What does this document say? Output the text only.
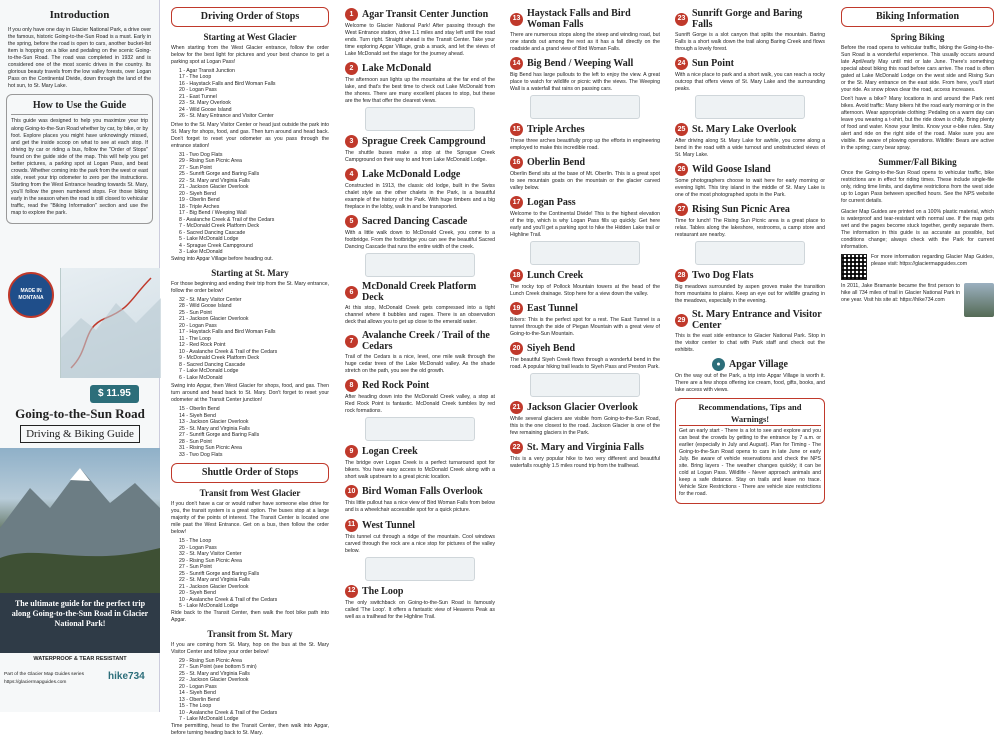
Introduction

If you only have one day in Glacier National Park, a drive over the famous, historic Going-to-the-Sun Road is a must. Early in the spring, before the road is open to cars, another bucket-list item is hopping on a bike and pedaling on the scenic Going-to-the-Sun Road. The road was completed in 1932 and is considered one of the most scenic drives in the country. Its glorious beauty travels from the low valley forests, over Logan Pass on the Continental Divide, down through the land of the hot sun, to St. Mary Lake.

How to Use the Guide

This guide was designed to help you maximize your trip along Going-to-the-Sun Road whether by car, by bike, or by foot. Explore places you might have unknowingly missed, and get the inside scoop on what to see at each stop. If driving by car or riding a bus, follow the "Order of Stops" found on the guide side of the map. This will help you get better pictures, a parking spot at Logan Pass, and beat crowds. Whether coming into the park from the west or east side, reset your trip odometer to zero per the instructions. Starting from the West Entrance heading towards St. Mary, you'll follow the green numbered stops. For those biking early in the season when the road is still closed to vehicular traffic, read the "Biking Information" section and use the map to explore the park.

MADE IN MONTANA
$ 11.95
Going-to-the-Sun Road
Driving & Biking Guide
The ultimate guide for the perfect trip along Going-to-the-Sun Road in Glacier National Park!
WATERPROOF & TEAR RESISTANT
Part of the Glacier Map Guides series
https://glaciermapguides.com
hike734
Driving Order of Stops
Starting at West Glacier

When starting from the West Glacier entrance, follow the order below for the best light for pictures and your best chance to get a parking spot at Logan Pass!

1 - Agar Transit Junction
17 - The Loop
16 - Haystack Falls and Bird Woman Falls
20 - Logan Pass
21 - East Tunnel
23 - St. Mary Overlook
24 - Wild Goose Island
26 - St. Mary Entrance and Visitor Center

Drive to the St. Mary Visitor Center or head just outside the park into St. Mary for shops, food, and gas. Then turn around and head back. Don't forget to reset your odometer as you pass through the entrance station!

31 - Two Dog Flats
29 - Rising Sun Picnic Area
27 - Sun Point
25 - Sunrift Gorge and Baring Falls
22 - St. Mary and Virginia Falls
21 - Jackson Glacier Overlook
20 - Siyeh Bend
19 - Oberlin Bend
18 - Triple Arches
17 - Big Bend / Weeping Wall
8 - Avalanche Creek & Trail of the Cedars
7 - McDonald Creek Platform Deck
6 - Sacred Dancing Cascade
5 - Lake McDonald Lodge
4 - Sprague Creek Campground
3 - Lake McDonald

Swing into Apgar Village before heading out.

Starting at St. Mary

For those beginning and ending their trip from the St. Mary entrance, follow the order below!

32 - St. Mary Visitor Center
28 - Wild Goose Island
25 - Sun Point
21 - Jackson Glacier Overlook
20 - Logan Pass
17 - Haystack Falls and Bird Woman Falls
11 - The Loop
12 - Red Rock Point
10 - Avalanche Creek & Trail of the Cedars
9 - McDonald Creek Platform Deck
8 - Sacred Dancing Cascade
7 - Lake McDonald Lodge
6 - Lake McDonald

Swing into Apgar, then West Glacier for shops, food, and gas. Then turn around and head back to St. Mary. Don't forget to reset your odometer at the Transit Center junction!

15 - Oberlin Bend
14 - Siyeh Bend
13 - Jackson Glacier Overlook
25 - St. Mary and Virginia Falls
27 - Sunrift Gorge and Baring Falls
28 - Sun Point
31 - Rising Sun Picnic Area
33 - Two Dog Flats
Shuttle Order of Stops
Transit from West Glacier

If you don't have a car or would rather have someone else drive for you, the transit system is a great option. The buses stop at a large majority of the points of interest. The Transit Center is located one mile past the West Entrance. Get on a bus, then follow the order below!

15 - The Loop
20 - Logan Pass
32 - St. Mary Visitor Center
29 - Rising Sun Picnic Area
27 - Sun Point
25 - Sunrift Gorge and Baring Falls
22 - St. Mary and Virginia Falls
21 - Jackson Glacier Overlook
20 - Siyeh Bend
10 - Avalanche Creek & Trail of the Cedars
5 - Lake McDonald Lodge

Ride back to the Transit Center, then walk the foot bike path into Apgar.

Transit from St. Mary

If you are coming from St. Mary, hop on the bus at the St. Mary Visitor Center and follow your order below!

29 - Rising Sun Picnic Area
27 - Sun Point (see bottom 5 min)
25 - St. Mary and Virginia Falls
22 - Jackson Glacier Overlook
20 - Logan Pass
14 - Siyeh Bend
13 - Oberlin Bend
15 - The Loop
10 - Avalanche Creek & Trail of the Cedars
7 - Lake McDonald Lodge

Time permitting, head to the Transit Center, then walk into Apgar, before turning heading back to St. Mary.

1 Agar Transit Center Junction

Welcome to Glacier National Park! After passing through the West Entrance station, drive 1.1 miles and stay left until the road ends. Turn right. Straight ahead is the Transit Center. Take your time exploring Apgar Village, grab a snack, and let the views of Lake McDonald set the stage for the journey ahead.

2 Lake McDonald

The afternoon sun lights up the mountains at the far end of the lake, and that's the best time to check out Lake McDonald from the shores. There are many excellent places to stop, but these are the few that offer the clearest views.

3 Sprague Creek Campground

The shuttle buses make a stop at the Sprague Creek Campground on their way to and from Lake McDonald Lodge.

4 Lake McDonald Lodge

Constructed in 1913, the classic old lodge, built in the Swiss chalet style as the other chalets in the Park, is a beautiful example of the history of the Park. With huge timbers and a big fireplace in the lobby, walk in and be transported.

5 Sacred Dancing Cascade

With a little walk down to McDonald Creek, you come to a footbridge. From the footbridge you can see the beautiful Sacred Dancing Cascade that runs the entire width of the creek.

6 McDonald Creek Platform Deck

At this stop, McDonald Creek gets compressed into a tight channel where it bubbles and rages. There is an observation deck that allows you to get up close to the emerald water.

7 Avalanche Creek / Trail of the Cedars

Trail of the Cedars is a nice, level, one mile walk through the huge cedar trees of the Lake McDonald valley. As the shade stretch on the path, you see the old growth.

8 Red Rock Point

After heading down into the McDonald Creek valley, a stop at Red Rock Point is fantastic. McDonald Creek tumbles by red rock formations.

9 Logan Creek

The bridge over Logan Creek is a perfect turnaround spot for bikers. You have easy access to McDonald Creek along with a short walk upstream to a great picnic location.

10 Bird Woman Falls Overlook

This little pullout has a nice view of Bird Woman Falls from below and is a wheelchair accessible spot for a quick picture.

11 West Tunnel

This tunnel cut through a ridge of the mountain. Cool windows carved through the rock are a nice stop for pictures of the valley below.

12 The Loop

The only switchback on Going-to-the-Sun Road is famously called 'The Loop'. It offers a fantastic view of Heavens Peak as well as a trailhead for the Highline Trail.

13 Haystack Falls and Bird Woman Falls

There are numerous stops along the steep and winding road, but one stands out among the rest as it has a fall directly on the roadside and a grand view of Bird Woman Falls.

14 Big Bend / Weeping Wall

Big Bend has large pullouts to the left to enjoy the view. A great place to watch for wildlife or picnic with the views. The Weeping Wall is a waterfall that rains on passing cars.

15 Triple Arches

These three arches beautifully prop up the efforts in engineering employed to make this incredible road.

16 Oberlin Bend

Oberlin Bend sits at the base of Mt. Oberlin. This is a great spot to see mountain goats on the mountain or the glacier carved valley below.

17 Logan Pass

Welcome to the Continental Divide! This is the highest elevation of the trip, which is why Logan Pass fills up quickly. Get here early and you'll get a parking spot to hike the Hidden Lake trail or Highline Trail.

18 Lunch Creek

The rocky top of Pollock Mountain towers at the head of the Lunch Creek drainage. Stop here for a view down the valley.

19 East Tunnel

Bikers: This is the perfect spot for a rest. The East Tunnel is a tunnel through the side of Piegan Mountain with a great view of Going-to-the-Sun Mountain.

20 Siyeh Bend

The beautiful Siyeh Creek flows through a wonderful bend in the road. A popular hiking trail leads to Siyeh Pass and Preston Park.

21 Jackson Glacier Overlook

While several glaciers are visible from Going-to-the-Sun Road, this is the one closest to the road. Jackson Glacier is one of the few remaining glaciers in the Park.

22 St. Mary and Virginia Falls

This is a very popular hike to two very different and beautiful waterfalls roughly 1.5 miles round trip from the trailhead.

23 Sunrift Gorge and Baring Falls

Sunrift Gorge is a slot canyon that splits the mountain. Baring Falls is a short walk down the trail along Baring Creek and flows through a lovely forest.

24 Sun Point

With a nice place to park and a short walk, you can reach a rocky outcrop that offers views of St. Mary Lake and the surrounding peaks.

25 St. Mary Lake Overlook

After driving along St. Mary Lake for awhile, you come along a bend in the road with a wide turnout and unobstructed views of St. Mary Lake.

26 Wild Goose Island

Some photographers choose to wait here for early morning or evening light. This tiny island in the middle of St. Mary Lake is one of the most photographed spots in the Park.

27 Rising Sun Picnic Area

Time for lunch! The Rising Sun Picnic area is a great place to relax. Tables along the lakeshore, restrooms, a camp store and restaurant are nearby.

28 Two Dog Flats

Big meadows surrounded by aspen groves make the transition from mountains to plains. Keep an eye out for wildlife grazing in the meadows, especially in the evening.

29 St. Mary Entrance and Visitor Center

This is the east side entrance to Glacier National Park. Stop in the visitor center to chat with Park staff and check out the exhibits.

● Apgar Village

On the way out of the Park, a trip into Apgar Village is worth it. There are a few shops offering ice cream, food, gifts, books, and lake access with views.

Recommendations, Tips and Warnings!

Get an early start - There is a lot to see and explore and you can beat the crowds by getting to the entrance by 7 a.m. or earlier (especially in July and August). Plan for Timing - The Going-to-the-Sun Road opens to cars in late June or early July. Be aware of vehicle reservations and check the NPS site. Bring layers - The weather changes quickly; it can be cold at Logan Pass. Wildlife - Never approach animals and keep a safe distance. Stay on trails and leave no trace. Vehicle Size Restrictions - There are vehicle size restrictions for the road.

Biking Information
Spring Biking

Before the road opens to vehicular traffic, biking the Going-to-the-Sun Road is a wonderful experience. This usually occurs around late April/early May until mid or late June. There's something special about biking this road before cars arrive. The road is often gated at Lake McDonald Lodge on the west side and Rising Sun or the St. Mary entrance on the east side. From here, you'll start your ride. As snow plows clear the road, access increases.

Don't have a bike? Many locations in and around the Park rent bikes. Avoid traffic: Many bikers hit the road early morning or in the afternoon. Wear appropriate clothing: Pedaling on a warm day can leave you wearing a t-shirt, but the ride down is chilly. Bring plenty of food and water. Know your limits. Know your e-bike rules. Stay alert and ride on the right side of the road. Make sure you are visible. Be aware of plowing operations. Wildlife: Bears are active in the spring; carry bear spray.

Summer/Fall Biking

Once the Going-to-the-Sun Road opens to vehicular traffic, bike restrictions are in effect for riding times. These include single-file only, riding time limits, and daytime restrictions from the west side up to Logan Pass between specified hours. See the NPS website for current details.

Glacier Map Guides are printed on a 100% plastic material, which is waterproof and tear-resistant with normal use. If the map gets wet and the pages become stuck together, gently separate them. The information in this guide is as accurate as possible, but conditions change; always check with the Park for current information.

For more information regarding Glacier Map Guides, please visit: https://glaciermapguides.com

In 2011, Jake Bramante became the first person to hike all 734 miles of trail in Glacier National Park in one year. Visit his site at: https://hike734.com
